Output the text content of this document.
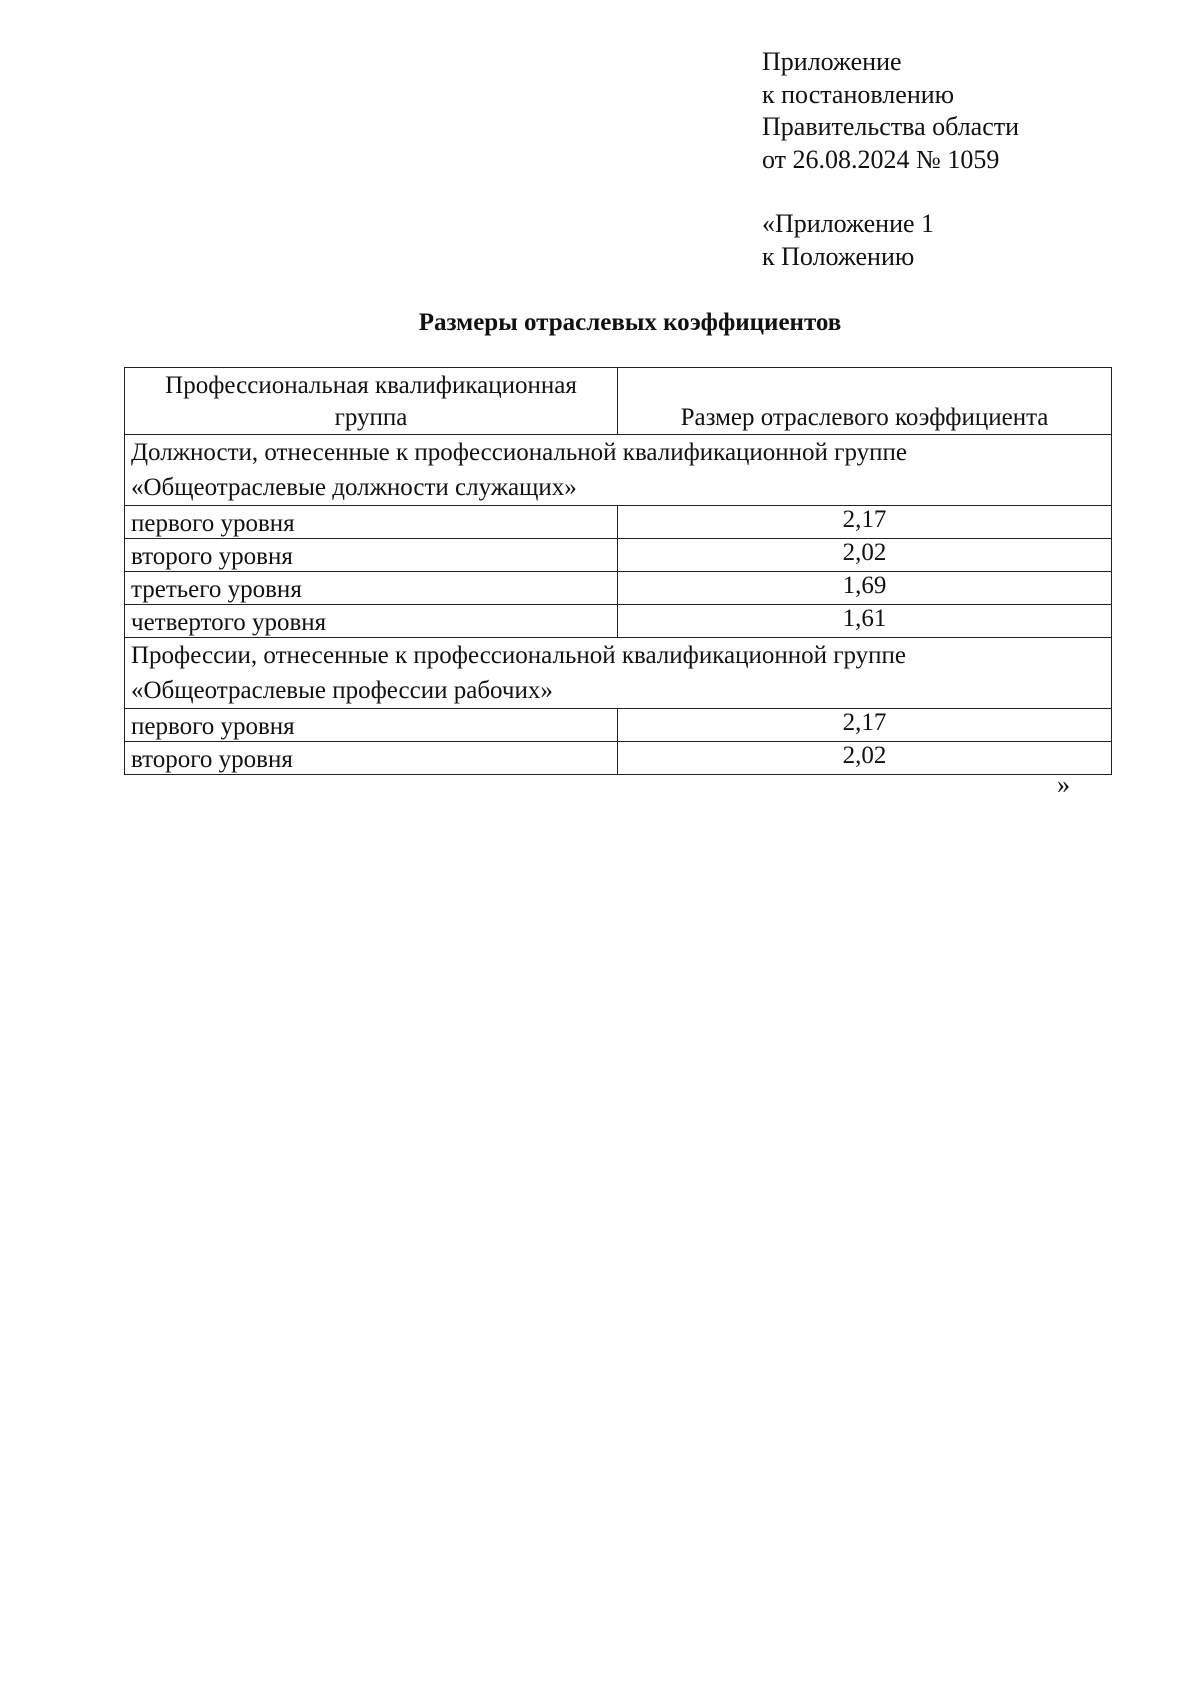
Приложение
к постановлению
Правительства области
от 26.08.2024 № 1059
«Приложение 1
к Положению
Размеры отраслевых коэффициентов
Профессиональная квалификационная группа	Размер отраслевого коэффициента
Должности, отнесенные к профессиональной квалификационной группе «Общеотраслевые должности служащих»	
первого уровня	2,17
второго уровня	2,02
третьего уровня	1,69
четвертого уровня	1,61
Профессии, отнесенные к профессиональной квалификационной группе «Общеотраслевые профессии рабочих»	
первого уровня	2,17
второго уровня	2,02
»
